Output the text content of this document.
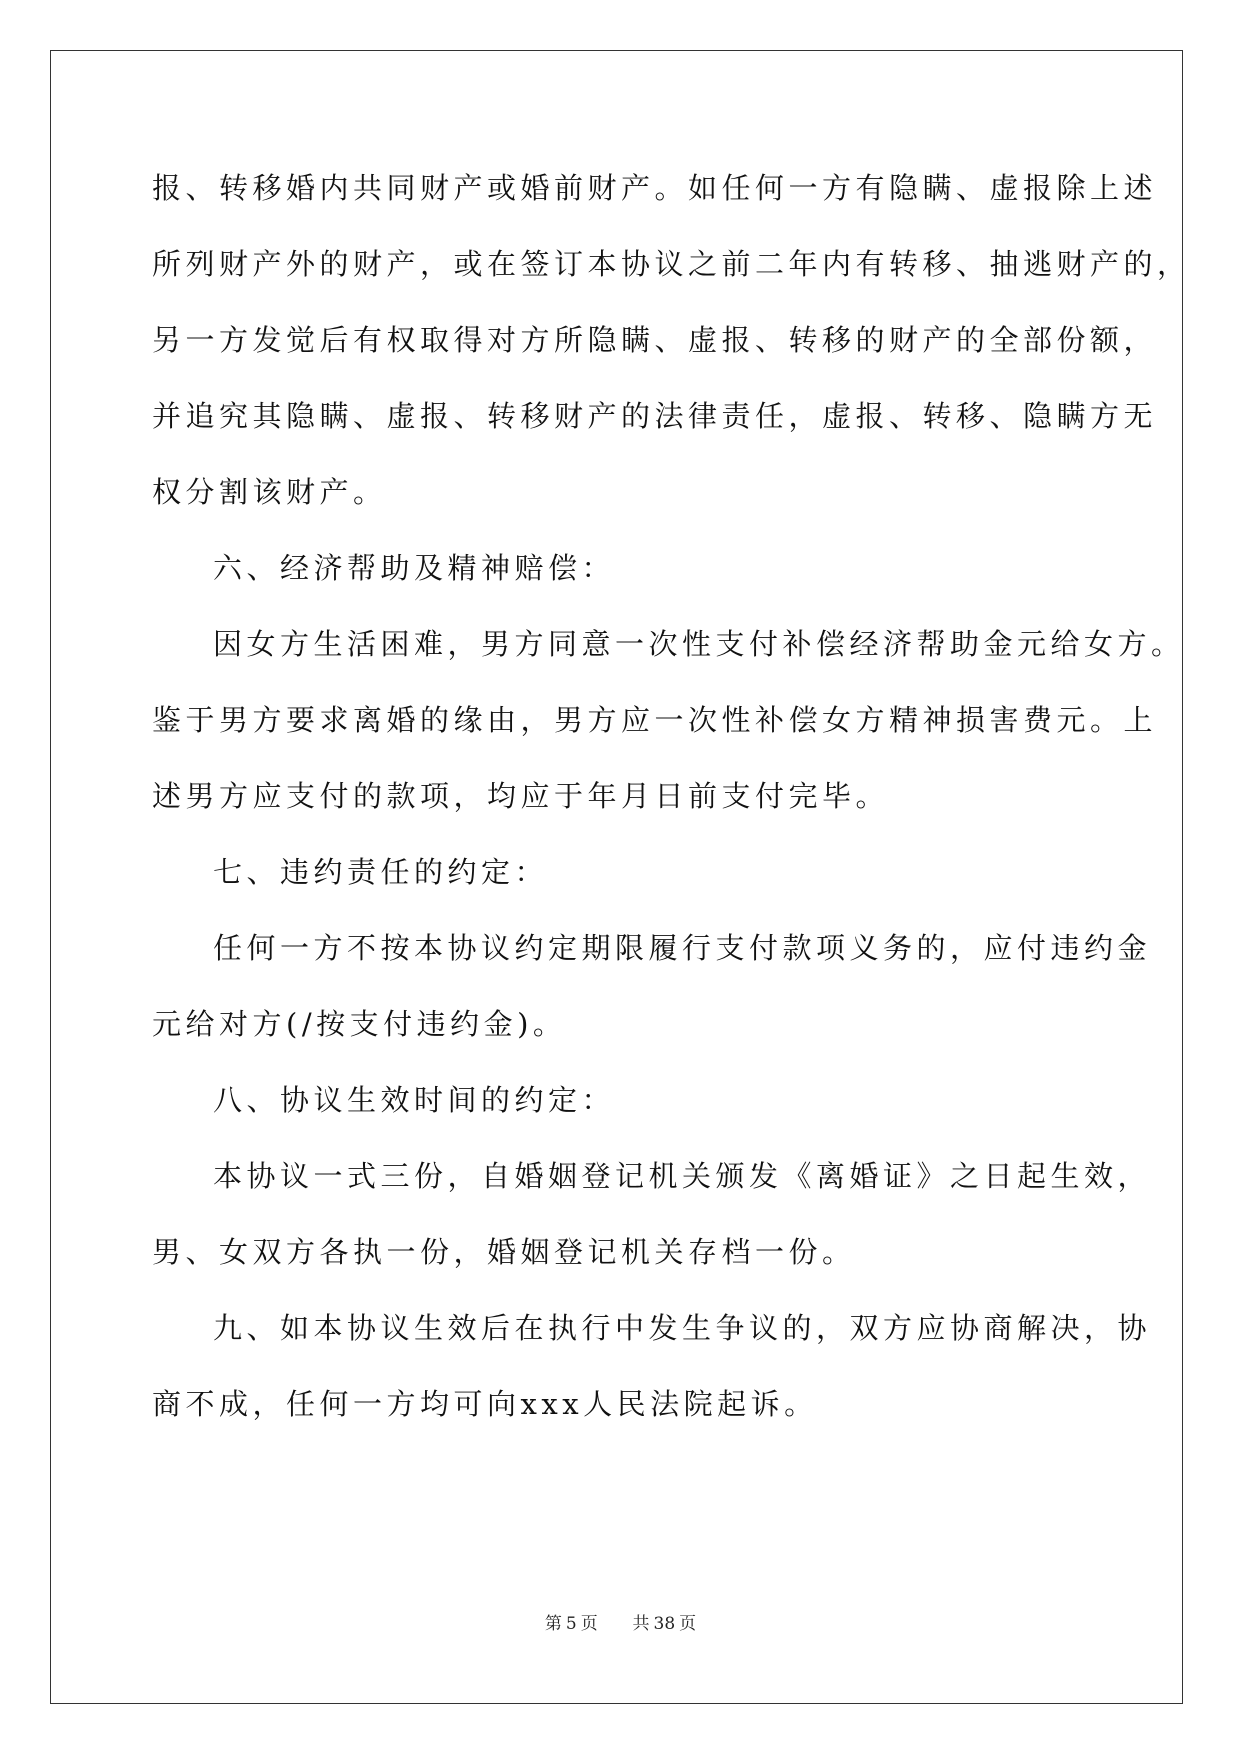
报、转移婚内共同财产或婚前财产。如任何一方有隐瞒、虚报除上述
所列财产外的财产，或在签订本协议之前二年内有转移、抽逃财产的，
另一方发觉后有权取得对方所隐瞒、虚报、转移的财产的全部份额，
并追究其隐瞒、虚报、转移财产的法律责任，虚报、转移、隐瞒方无
权分割该财产。
六、经济帮助及精神赔偿：
因女方生活困难，男方同意一次性支付补偿经济帮助金元给女方。
鉴于男方要求离婚的缘由，男方应一次性补偿女方精神损害费元。上
述男方应支付的款项，均应于年月日前支付完毕。
七、违约责任的约定：
任何一方不按本协议约定期限履行支付款项义务的，应付违约金
元给对方(/按支付违约金)。
八、协议生效时间的约定：
本协议一式三份，自婚姻登记机关颁发《离婚证》之日起生效，
男、女双方各执一份，婚姻登记机关存档一份。
九、如本协议生效后在执行中发生争议的，双方应协商解决，协
商不成，任何一方均可向xxx人民法院起诉。
第 5 页 共 38 页
